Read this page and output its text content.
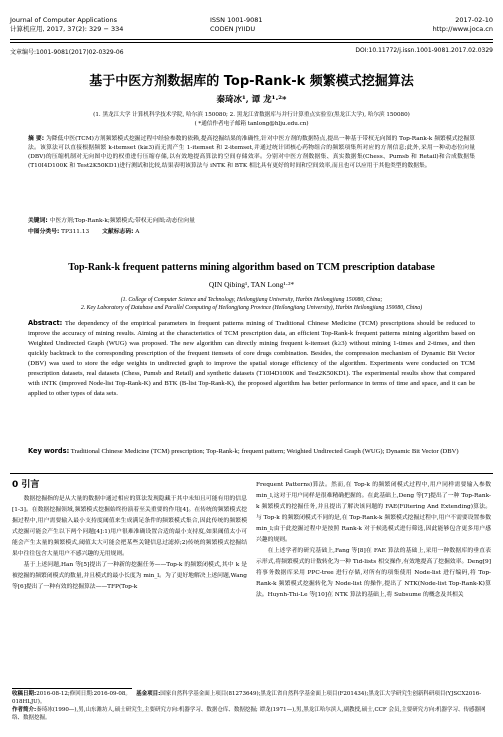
Journal of Computer Applications
计算机应用, 2017, 37(2): 329 − 334
ISSN 1001-9081
CODEN JYIIDU
2017-02-10
http://www.joca.cn
文章编号:1001-9081(2017)02-0329-06	DOI:10.11772/j.issn.1001-9081.2017.02.0329
基于中医方剂数据库的 Top-Rank-k 频繁模式挖掘算法
秦琦冰¹, 谭 龙¹·²*
(1. 黑龙江大学 计算机科学技术学院, 哈尔滨 150080; 2. 黑龙江省数据库与并行计算重点实验室(黑龙江大学), 哈尔滨 150080)
( *通信作者电子邮箱 tanlong@hlju.edu.cn)
摘 要: 为降低中医(TCM)方剂频繁模式挖掘过程中经验参数的依赖,提高挖掘结果的准确性,针对中医方剂的数据特点,提出一种基于带权无向图的 Top-Rank-k 频繁模式挖掘算法。该算法可以直接根据频繁 k-itemset (k≥3)而无需产生 1-itemset 和 2-itemset,并通过统计团核心药物组合的频繁项集所对应的方剂信息;此外,采用一种动态位向量(DBV)的压缩机制对无向图中边的权重进行压缩存储,以有效地提高算法的空间存储效率。分别对中医方剂数据集、真实数据集(Chess、Pumsb 和 Retail)和合成数据集(T10I4D100K 和 Test2K50KD1)进行测试和比较,结果表明该算法与 iNTK 和 BTK 相比具有更好的时间和空间效率,而且也可以应用于其他类型的数据集。
关键词: 中医方剂;Top-Rank-k;频繁模式;带权无向图;动态位向量
中图分类号: TP311.13 文献标志码: A
Top-Rank-k frequent patterns mining algorithm based on TCM prescription database
QIN Qibing¹, TAN Long¹·²*
(1. College of Computer Science and Technology, Heilongjiang University, Harbin Heilongjiang 150080, China;
2. Key Laboratory of Database and Parallel Computing of Heilongjiang Province (Heilongjiang University), Harbin Heilongjiang 150080, China)
Abstract: The dependency of the empirical parameters in frequent patterns mining of Traditional Chinese Medicine (TCM) prescriptions should be reduced to improve the accuracy of mining results. Aiming at the characteristics of TCM prescription data, an efficient Top-Rank-k frequent patterns mining algorithm based on Weighted Undirected Graph (WUG) was proposed. The new algorithm can directly mining frequent k-itemset (k≥3) without mining 1-times and 2-times, and then quickly backtrack to the corresponding prescription of the frequent itemsets of core drugs combination. Besides, the compression mechanism of Dynamic Bit Vector (DBV) was used to store the edge weights in undirected graph to improve the spatial storage efficiency of the algorithm. Experiments were conducted on TCM prescription datasets, real datasets (Chess, Pumsb and Retail) and synthetic datasets (T10I4D100K and Test2K50KD1). The experimental results show that compared with iNTK (improved Node-list Top-Rank-K) and BTK (B-list Top-Rank-K), the proposed algorithm has better performance in terms of time and space, and it can be applied to other types of data sets.
Key words: Traditional Chinese Medicine (TCM) prescription; Top-Rank-k; frequent pattern; Weighted Undirected Graph (WUG); Dynamic Bit Vector (DBV)
0 引言

数据挖掘指的是从大量的数据中通过相应的算法发现隐藏于其中未知且可能有用的信息[1-3]。在数据挖掘领域,频繁模式挖掘始终扮演着至关重要的作用[4]。在传统的频繁模式挖掘过程中,用户需要输入最小支持度阈值来生成满足条件的频繁模式集合,因此传统的频繁模式挖掘可能会产生以下两个问题[4]:1)用户很难准确设置合适的最小支持度,如果阈值太小可能会产生太量的频繁模式,阈值太大可能会把某些关键信息过滤掉;2)传统的频繁模式挖掘结果中往往包含大量用户不感兴趣的无用规则。

基于上述问题,Han 等[5]提出了一种新的挖掘任务——Top-k 的频繁闭模式,其中 k 是被挖掘的频繁闭模式的数量,并且模式的最小长度为 min_l。为了更好地解决上述问题,Wang 等[6]提出了一种有效的挖掘算法——TFP(Top-k

Frequent Patterns)算法。然而,在 Top-k 的频繁闭模式过程中,用户同样需要输入参数 min_l,这对于用户同样是很难精确把握的。在此基础上,Deng 等[7]提出了一种 Top-Rank-k 频繁模式的挖掘任务,并且提出了解决该问题的 FAE(Filtering And Extending)算法。与 Top-k 的频繁闭模式不同的是,在 Top-Rank-k 频繁模式挖掘过程中,用户不需要设置参数 min_l;由于此挖掘过程中是按照 Rank-k 对于候选模式进行筛选,因此能够包含更多用户感兴趣的规则。

在上述学者的研究基础上,Fang 等[8]在 FAE 算法的基础上,采用一种数据库的垂直表示形式,将频繁模式的计数转化为一种 Tid-lists 相交操作,有效地提高了挖掘效率。Deng[9]将事务数据库采用 PPC-tree 进行存储,对所有的项集使用 Node-list 进行编码,将 Top-Rank-k 频繁模式挖掘转化为 Node-list 的操作,提出了 NTK(Node-list Top-Rank-K)算法。Huynh-Thi-Le 等[10]在 NTK 算法的基础上,将 Subsume 的概念及其相关

收稿日期:2016-08-12;修回日期:2016-09-08。 基金项目:国家自然科学基金面上项目(81273649);黑龙江省自然科学基金面上项目(F201434);黑龙江大学研究生创新科研项目(YJSCX2016-018HLJU)。
作者简介:秦琦冰(1990—),男,山东潍坊人,硕士研究生,主要研究方向:机器学习、数据仓库、数据挖掘; 谭龙(1971—),男,黑龙江哈尔滨人,副教授,硕士,CCF 会员,主要研究方向:机器学习、传感器网络、数据挖掘。
